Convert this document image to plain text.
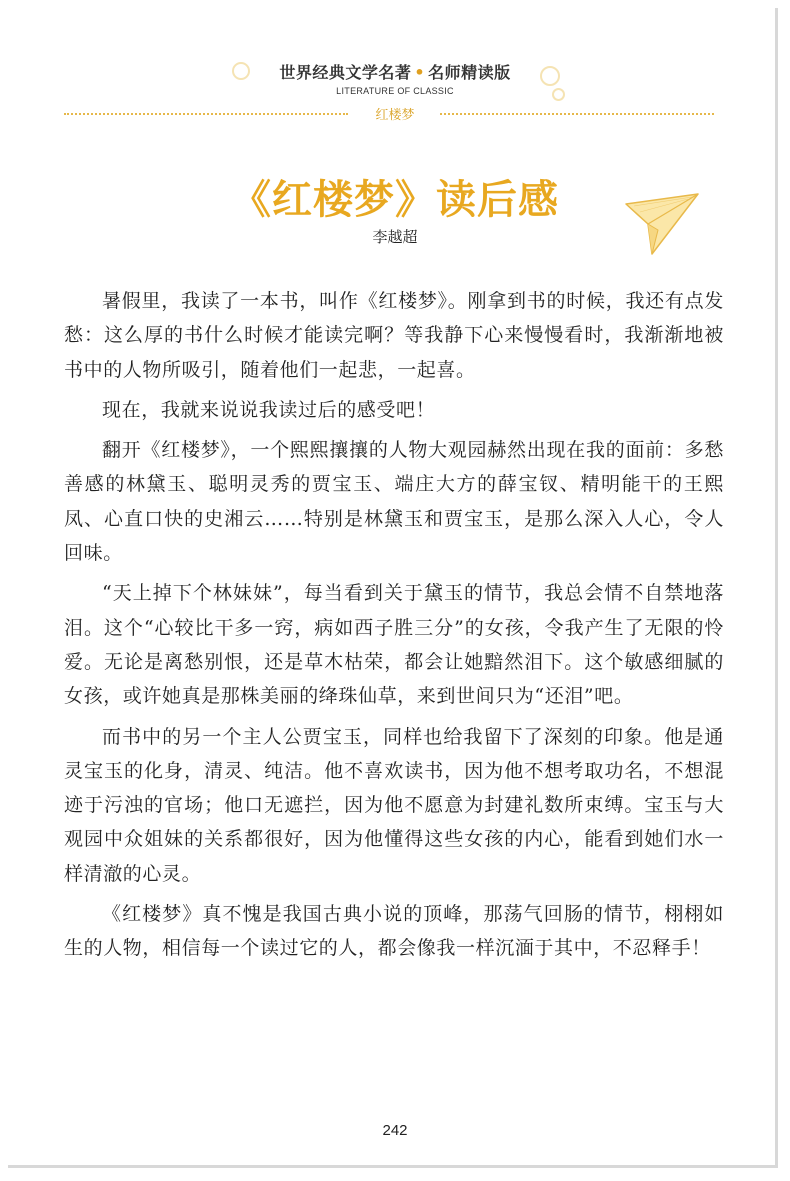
世界经典文学名著 • 名师精读版
LITERATURE OF CLASSIC
红楼梦
《红楼梦》读后感
李越超

暑假里，我读了一本书，叫作《红楼梦》。刚拿到书的时候，我还有点发愁：这么厚的书什么时候才能读完啊？等我静下心来慢慢看时，我渐渐地被书中的人物所吸引，随着他们一起悲，一起喜。

现在，我就来说说我读过后的感受吧！

翻开《红楼梦》，一个熙熙攘攘的人物大观园赫然出现在我的面前：多愁善感的林黛玉、聪明灵秀的贾宝玉、端庄大方的薛宝钗、精明能干的王熙凤、心直口快的史湘云……特别是林黛玉和贾宝玉，是那么深入人心，令人回味。

“天上掉下个林妹妹”，每当看到关于黛玉的情节，我总会情不自禁地落泪。这个“心较比干多一窍，病如西子胜三分”的女孩，令我产生了无限的怜爱。无论是离愁别恨，还是草木枯荣，都会让她黯然泪下。这个敏感细腻的女孩，或许她真是那株美丽的绛珠仙草，来到世间只为“还泪”吧。

而书中的另一个主人公贾宝玉，同样也给我留下了深刻的印象。他是通灵宝玉的化身，清灵、纯洁。他不喜欢读书，因为他不想考取功名，不想混迹于污浊的官场；他口无遮拦，因为他不愿意为封建礼数所束缚。宝玉与大观园中众姐妹的关系都很好，因为他懂得这些女孩的内心，能看到她们水一样清澈的心灵。

《红楼梦》真不愧是我国古典小说的顶峰，那荡气回肠的情节，栩栩如生的人物，相信每一个读过它的人，都会像我一样沉湎于其中，不忍释手！

242
